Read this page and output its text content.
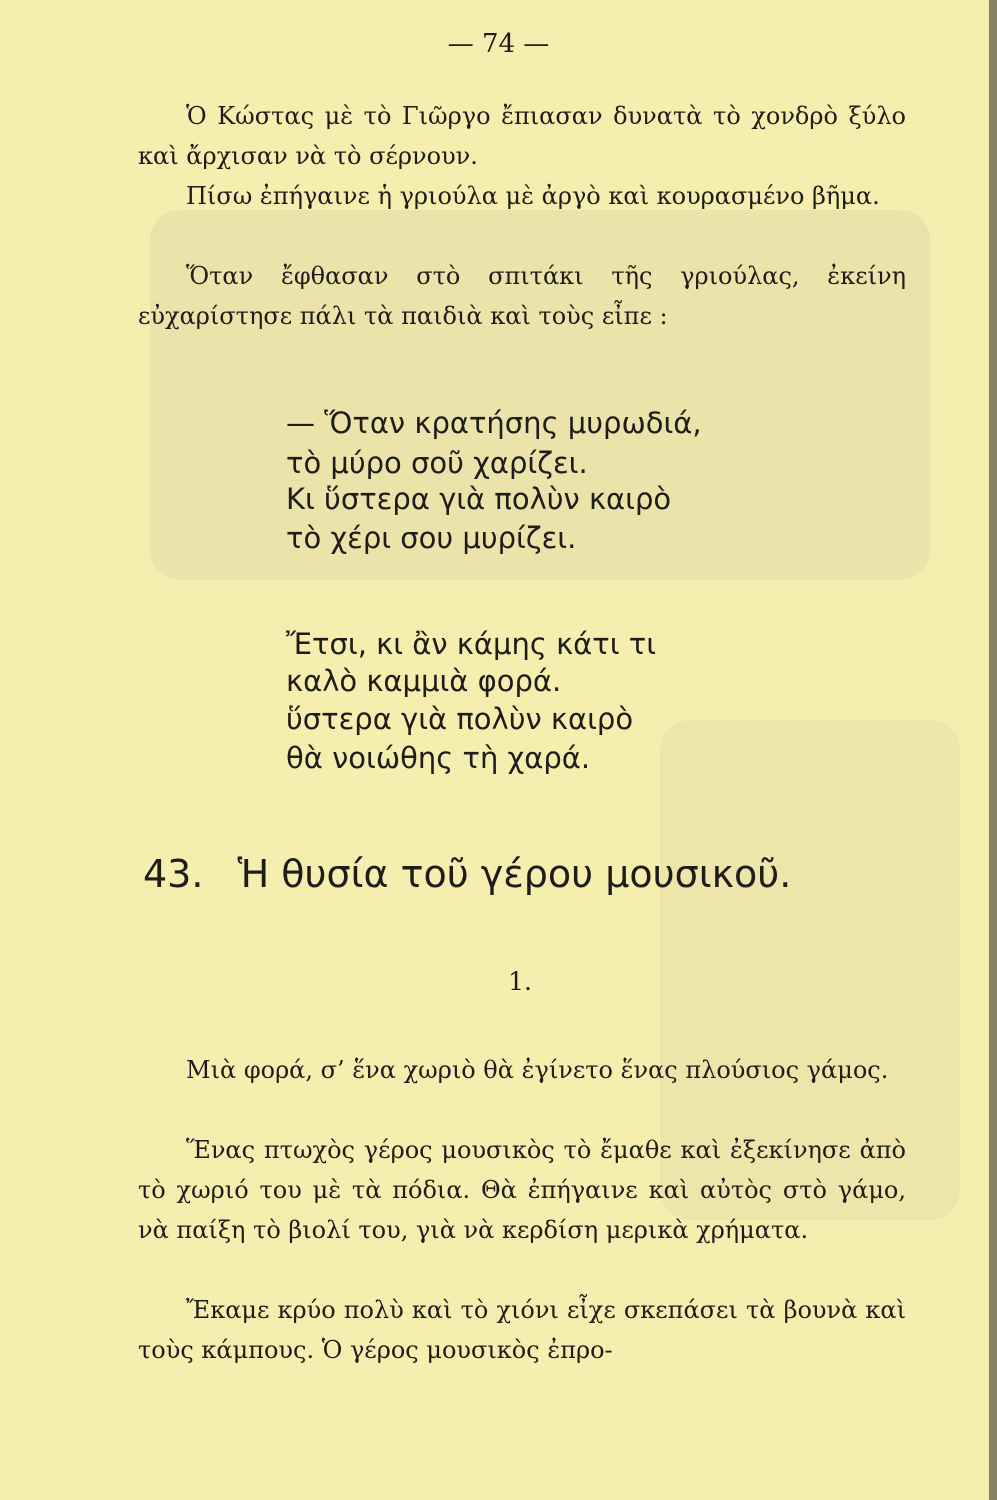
— 74 —
Ὁ Κώστας μὲ τὸ Γιῶργο ἔπιασαν δυνατὰ τὸ χονδρὸ ξύλο καὶ ἄρχισαν νὰ τὸ σέρνουν.
Πίσω ἐπήγαινε ἡ γριούλα μὲ ἀργὸ καὶ κουρασμένο βῆμα.
Ὅταν ἔφθασαν στὸ σπιτάκι τῆς γριούλας, ἐκείνη εὐχαρίστησε πάλι τὰ παιδιὰ καὶ τοὺς εἶπε :
— Ὅταν κρατήσης μυρωδιά,
τὸ μύρο σοῦ χαρίζει.
Κι ὕστερα γιὰ πολὺν καιρὸ
τὸ χέρι σου μυρίζει.
Ἔτσι, κι ἂν κάμης κάτι τι
καλὸ καμμιὰ φορά.
ὕστερα γιὰ πολὺν καιρὸ
θὰ νοιώθης τὴ χαρά.
43. Ἡ θυσία τοῦ γέρου μουσικοῦ.
1.
Μιὰ φορά, σ’ ἕνα χωριὸ θὰ ἐγίνετο ἕνας πλούσιος γάμος.
Ἕνας πτωχὸς γέρος μουσικὸς τὸ ἔμαθε καὶ ἐξεκίνησε ἀπὸ τὸ χωριό του μὲ τὰ πόδια. Θὰ ἐπήγαινε καὶ αὐτὸς στὸ γάμο, νὰ παίξη τὸ βιολί του, γιὰ νὰ κερδίση μερικὰ χρήματα.
Ἔκαμε κρύο πολὺ καὶ τὸ χιόνι εἶχε σκεπάσει τὰ βουνὰ καὶ τοὺς κάμπους. Ὁ γέρος μουσικὸς ἐπρο-
